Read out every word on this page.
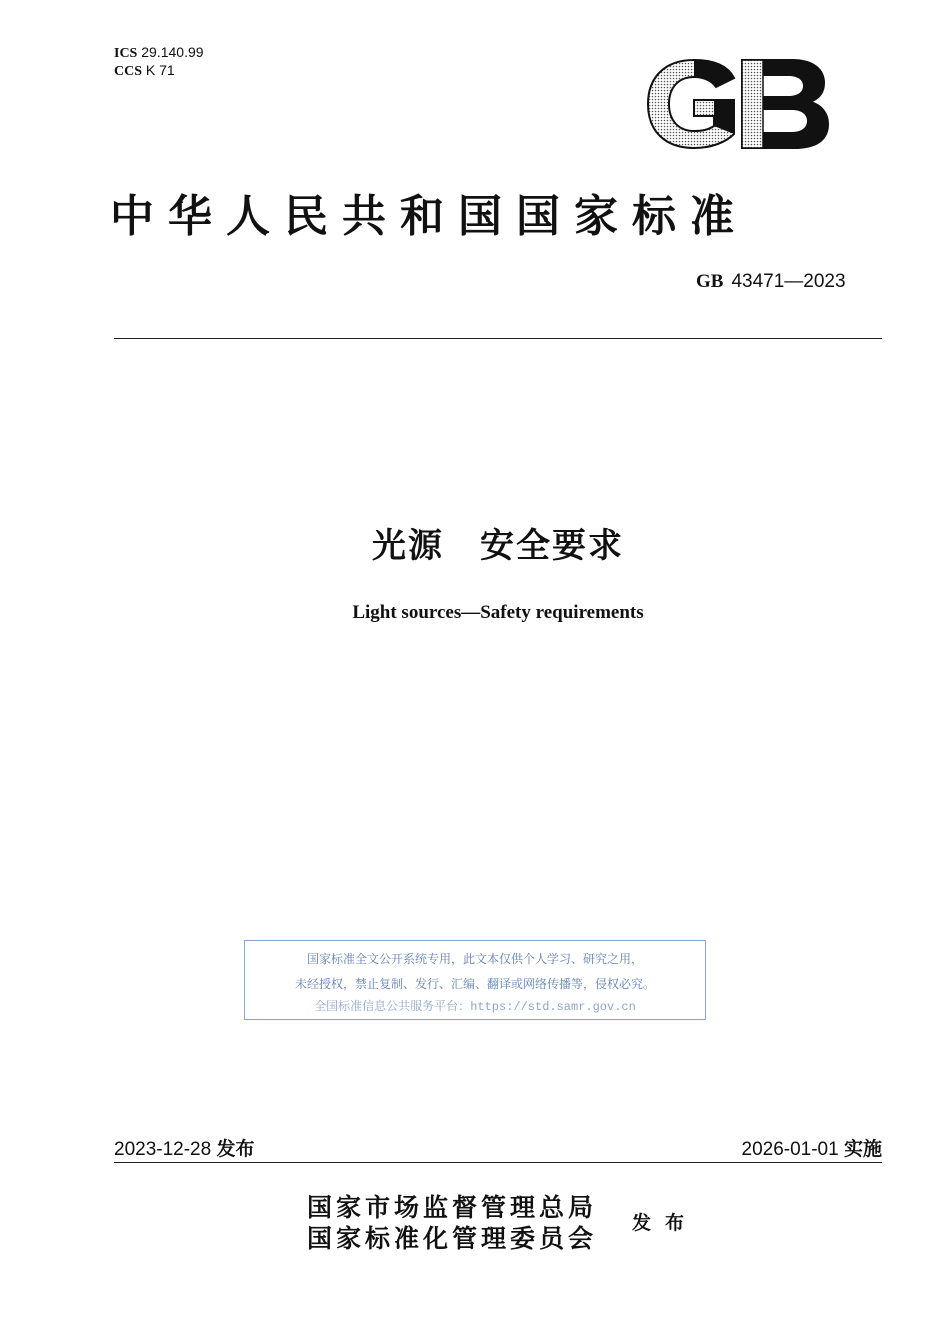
ICS 29.140.99
CCS K 71
中华人民共和国国家标准
GB 43471—2023
光源　安全要求
Light sources—Safety requirements
国家标准全文公开系统专用，此文本仅供个人学习、研究之用，
未经授权，禁止复制、发行、汇编、翻译或网络传播等，侵权必究。
全国标准信息公共服务平台：https://std.samr.gov.cn
2023-12-28 发布	2026-01-01 实施
国家市场监督管理总局
国家标准化管理委员会
发布
